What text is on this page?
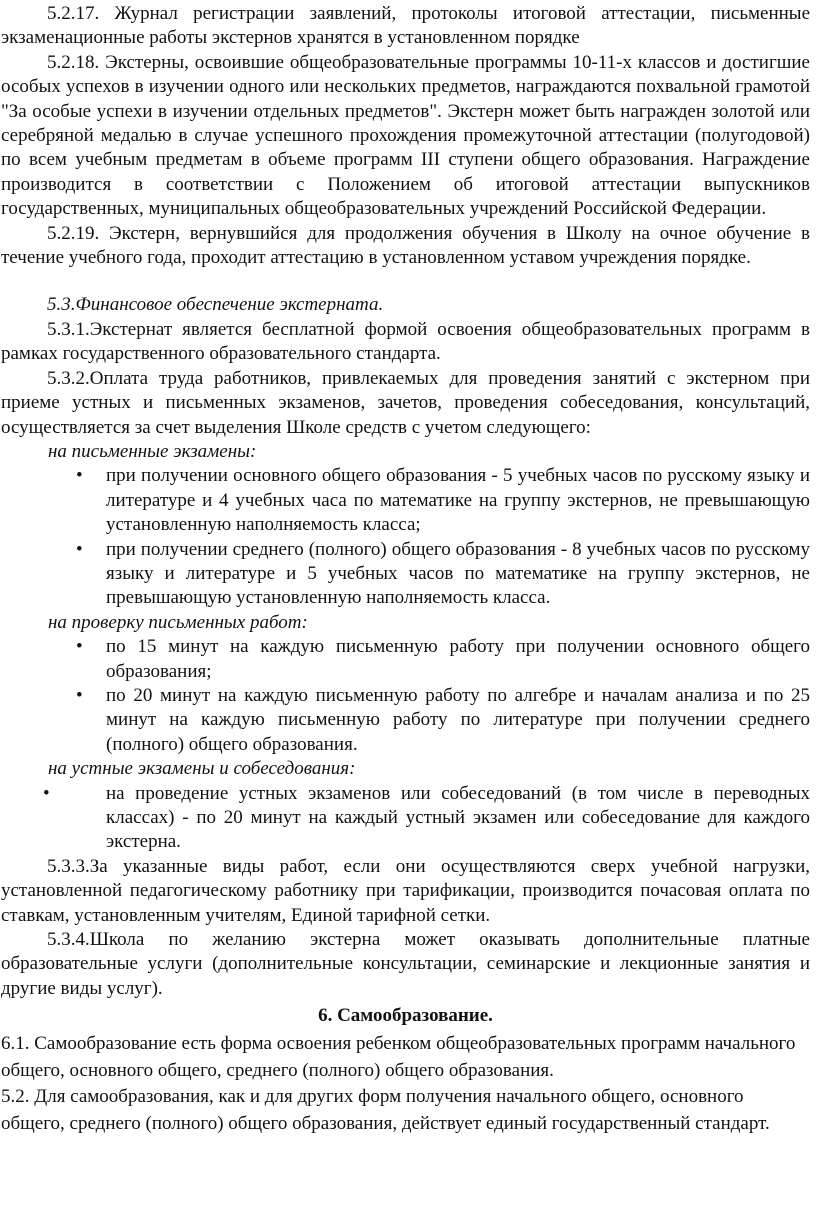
5.2.17. Журнал регистрации заявлений, протоколы итоговой аттестации, письменные экзаменационные работы экстернов хранятся в установленном порядке

5.2.18. Экстерны, освоившие общеобразовательные программы 10-11-х классов и достигшие особых успехов в изучении одного или нескольких предметов, награждаются похвальной грамотой "За особые успехи в изучении отдельных предметов". Экстерн может быть награжден золотой или серебряной медалью в случае успешного прохождения промежуточной аттестации (полугодовой) по всем учебным предметам в объеме программ III ступени общего образования. Награждение производится в соответствии с Положением об итоговой аттестации выпускников государственных, муниципальных общеобразовательных учреждений Российской Федерации.

5.2.19. Экстерн, вернувшийся для продолжения обучения в Школу на очное обучение в течение учебного года, проходит аттестацию в установленном уставом учреждения порядке.

5.3.Финансовое обеспечение экстерната.

5.3.1.Экстернат является бесплатной формой освоения общеобразовательных программ в рамках государственного образовательного стандарта.

5.3.2.Оплата труда работников, привлекаемых для проведения занятий с экстерном при приеме устных и письменных экзаменов, зачетов, проведения собеседования, консультаций, осуществляется за счет выделения Школе средств с учетом следующего:

на письменные экзамены:

• при получении основного общего образования - 5 учебных часов по русскому языку и литературе и 4 учебных часа по математике на группу экстернов, не превышающую установленную наполняемость класса;
• при получении среднего (полного) общего образования - 8 учебных часов по русскому языку и литературе и 5 учебных часов по математике на группу экстернов, не превышающую установленную наполняемость класса.

на проверку письменных работ:

• по 15 минут на каждую письменную работу при получении основного общего образования;
• по 20 минут на каждую письменную работу по алгебре и началам анализа и по 25 минут на каждую письменную работу по литературе при получении среднего (полного) общего образования.

на устные экзамены и собеседования:

•	на проведение устных экзаменов или собеседований (в том числе в переводных классах) - по 20 минут на каждый устный экзамен или собеседование для каждого экстерна.

5.3.3.За указанные виды работ, если они осуществляются сверх учебной нагрузки, установленной педагогическому работнику при тарификации, производится почасовая оплата по ставкам, установленным учителям, Единой тарифной сетки.

5.3.4.Школа по желанию экстерна может оказывать дополнительные платные образовательные услуги (дополнительные консультации, семинарские и лекционные занятия и другие виды услуг).

6. Самообразование.

6.1. Самообразование есть форма освоения ребенком общеобразовательных программ начального общего, основного общего, среднего (полного) общего образования.

5.2. Для самообразования, как и для других форм получения начального общего, основного общего, среднего (полного) общего образования, действует единый государственный стандарт.
